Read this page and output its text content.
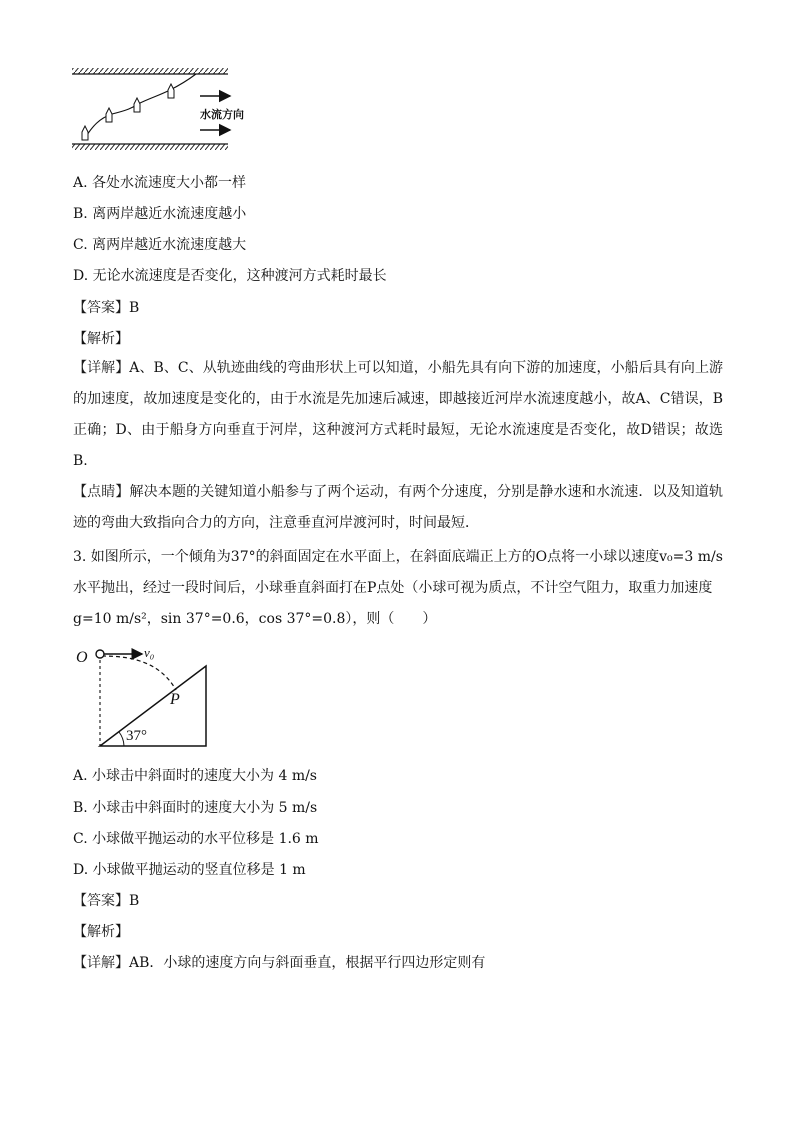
水流方向
A. 各处水流速度大小都一样
B. 离两岸越近水流速度越小
C. 离两岸越近水流速度越大
D. 无论水流速度是否变化，这种渡河方式耗时最长
【答案】B
【解析】
【详解】A、B、C、从轨迹曲线的弯曲形状上可以知道，小船先具有向下游的加速度，小船后具有向上游的加速度，故加速度是变化的，由于水流是先加速后减速，即越接近河岸水流速度越小，故A、C错误，B正确；D、由于船身方向垂直于河岸，这种渡河方式耗时最短，无论水流速度是否变化，故D错误；故选B.
【点睛】解决本题的关键知道小船参与了两个运动，有两个分速度，分别是静水速和水流速．以及知道轨迹的弯曲大致指向合力的方向，注意垂直河岸渡河时，时间最短．
3. 如图所示，一个倾角为37°的斜面固定在水平面上，在斜面底端正上方的O点将一小球以速度v₀=3 m/s
水平抛出，经过一段时间后，小球垂直斜面打在P点处（小球可视为质点，不计空气阻力，取重力加速度
g=10 m/s²，sin 37°=0.6，cos 37°=0.8），则（　　）
O	v₀
P
37°
A. 小球击中斜面时的速度大小为 4 m/s
B. 小球击中斜面时的速度大小为 5 m/s
C. 小球做平抛运动的水平位移是 1.6 m
D. 小球做平抛运动的竖直位移是 1 m
【答案】B
【解析】
【详解】AB．小球的速度方向与斜面垂直，根据平行四边形定则有
